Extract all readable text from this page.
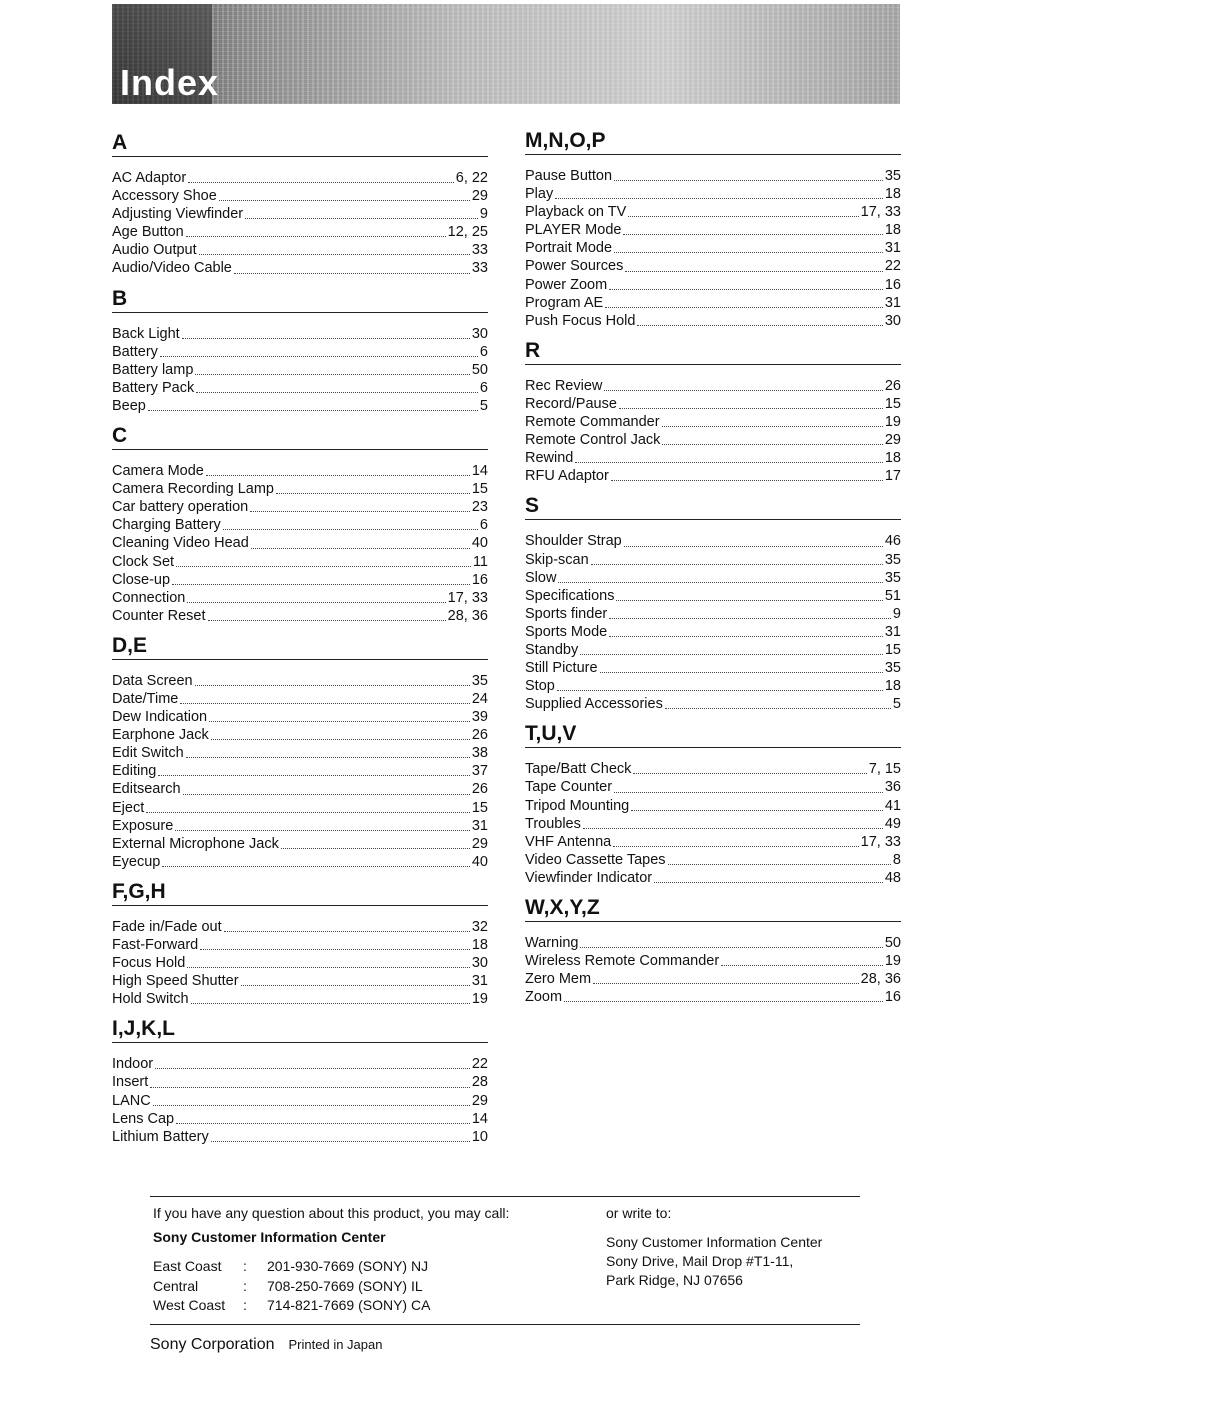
Index
A
AC Adaptor	6, 22
Accessory Shoe	29
Adjusting Viewfinder	9
Age Button	12, 25
Audio Output	33
Audio/Video Cable	33
B
Back Light	30
Battery	6
Battery lamp	50
Battery Pack	6
Beep	5
C
Camera Mode	14
Camera Recording Lamp	15
Car battery operation	23
Charging Battery	6
Cleaning Video Head	40
Clock Set	11
Close-up	16
Connection	17, 33
Counter Reset	28, 36
D,E
Data Screen	35
Date/Time	24
Dew Indication	39
Earphone Jack	26
Edit Switch	38
Editing	37
Editsearch	26
Eject	15
Exposure	31
External Microphone Jack	29
Eyecup	40
F,G,H
Fade in/Fade out	32
Fast-Forward	18
Focus Hold	30
High Speed Shutter	31
Hold Switch	19
I,J,K,L
Indoor	22
Insert	28
LANC	29
Lens Cap	14
Lithium Battery	10
M,N,O,P
Pause Button	35
Play	18
Playback on TV	17, 33
PLAYER Mode	18
Portrait Mode	31
Power Sources	22
Power Zoom	16
Program AE	31
Push Focus Hold	30
R
Rec Review	26
Record/Pause	15
Remote Commander	19
Remote Control Jack	29
Rewind	18
RFU Adaptor	17
S
Shoulder Strap	46
Skip-scan	35
Slow	35
Specifications	51
Sports finder	9
Sports Mode	31
Standby	15
Still Picture	35
Stop	18
Supplied Accessories	5
T,U,V
Tape/Batt Check	7, 15
Tape Counter	36
Tripod Mounting	41
Troubles	49
VHF Antenna	17, 33
Video Cassette Tapes	8
Viewfinder Indicator	48
W,X,Y,Z
Warning	50
Wireless Remote Commander	19
Zero Mem	28, 36
Zoom	16
If you have any question about this product, you may call:
Sony Customer Information Center
East Coast	:	201-930-7669 (SONY) NJ
Central	:	708-250-7669 (SONY) IL
West Coast	:	714-821-7669 (SONY) CA
or write to:
Sony Customer Information Center
Sony Drive, Mail Drop #T1-11,
Park Ridge, NJ 07656
Sony Corporation Printed in Japan
